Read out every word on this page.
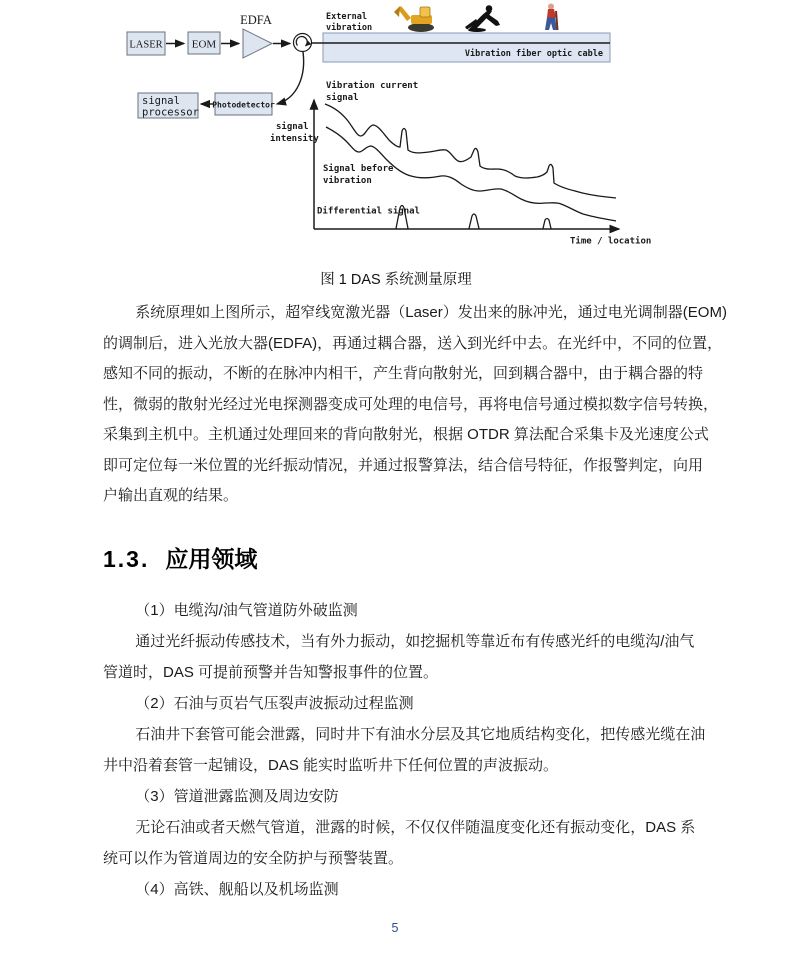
LASER	EOM
EDFA
Vibration fiber optic cable
External
vibration
Photodetector
signal
processor
signal
intensity
Time / location
Vibration current
signal
Signal before
vibration
Differential signal
图 1 DAS 系统测量原理
系统原理如上图所示，超窄线宽激光器（Laser）发出来的脉冲光，通过电光调制器(EOM)
的调制后，进入光放大器(EDFA)，再通过耦合器，送入到光纤中去。在光纤中，不同的位置，
感知不同的振动，不断的在脉冲内相干，产生背向散射光，回到耦合器中，由于耦合器的特
性，微弱的散射光经过光电探测器变成可处理的电信号，再将电信号通过模拟数字信号转换，
采集到主机中。主机通过处理回来的背向散射光，根据 OTDR 算法配合采集卡及光速度公式
即可定位每一米位置的光纤振动情况，并通过报警算法，结合信号特征，作报警判定，向用
户输出直观的结果。
1.3. 应用领域
（1）电缆沟/油气管道防外破监测
通过光纤振动传感技术，当有外力振动，如挖掘机等靠近布有传感光纤的电缆沟/油气
管道时，DAS 可提前预警并告知警报事件的位置。
（2）石油与页岩气压裂声波振动过程监测
石油井下套管可能会泄露，同时井下有油水分层及其它地质结构变化，把传感光缆在油
井中沿着套管一起铺设，DAS 能实时监听井下任何位置的声波振动。
（3）管道泄露监测及周边安防
无论石油或者天燃气管道，泄露的时候，不仅仅伴随温度变化还有振动变化，DAS 系
统可以作为管道周边的安全防护与预警装置。
（4）高铁、舰船以及机场监测
5
